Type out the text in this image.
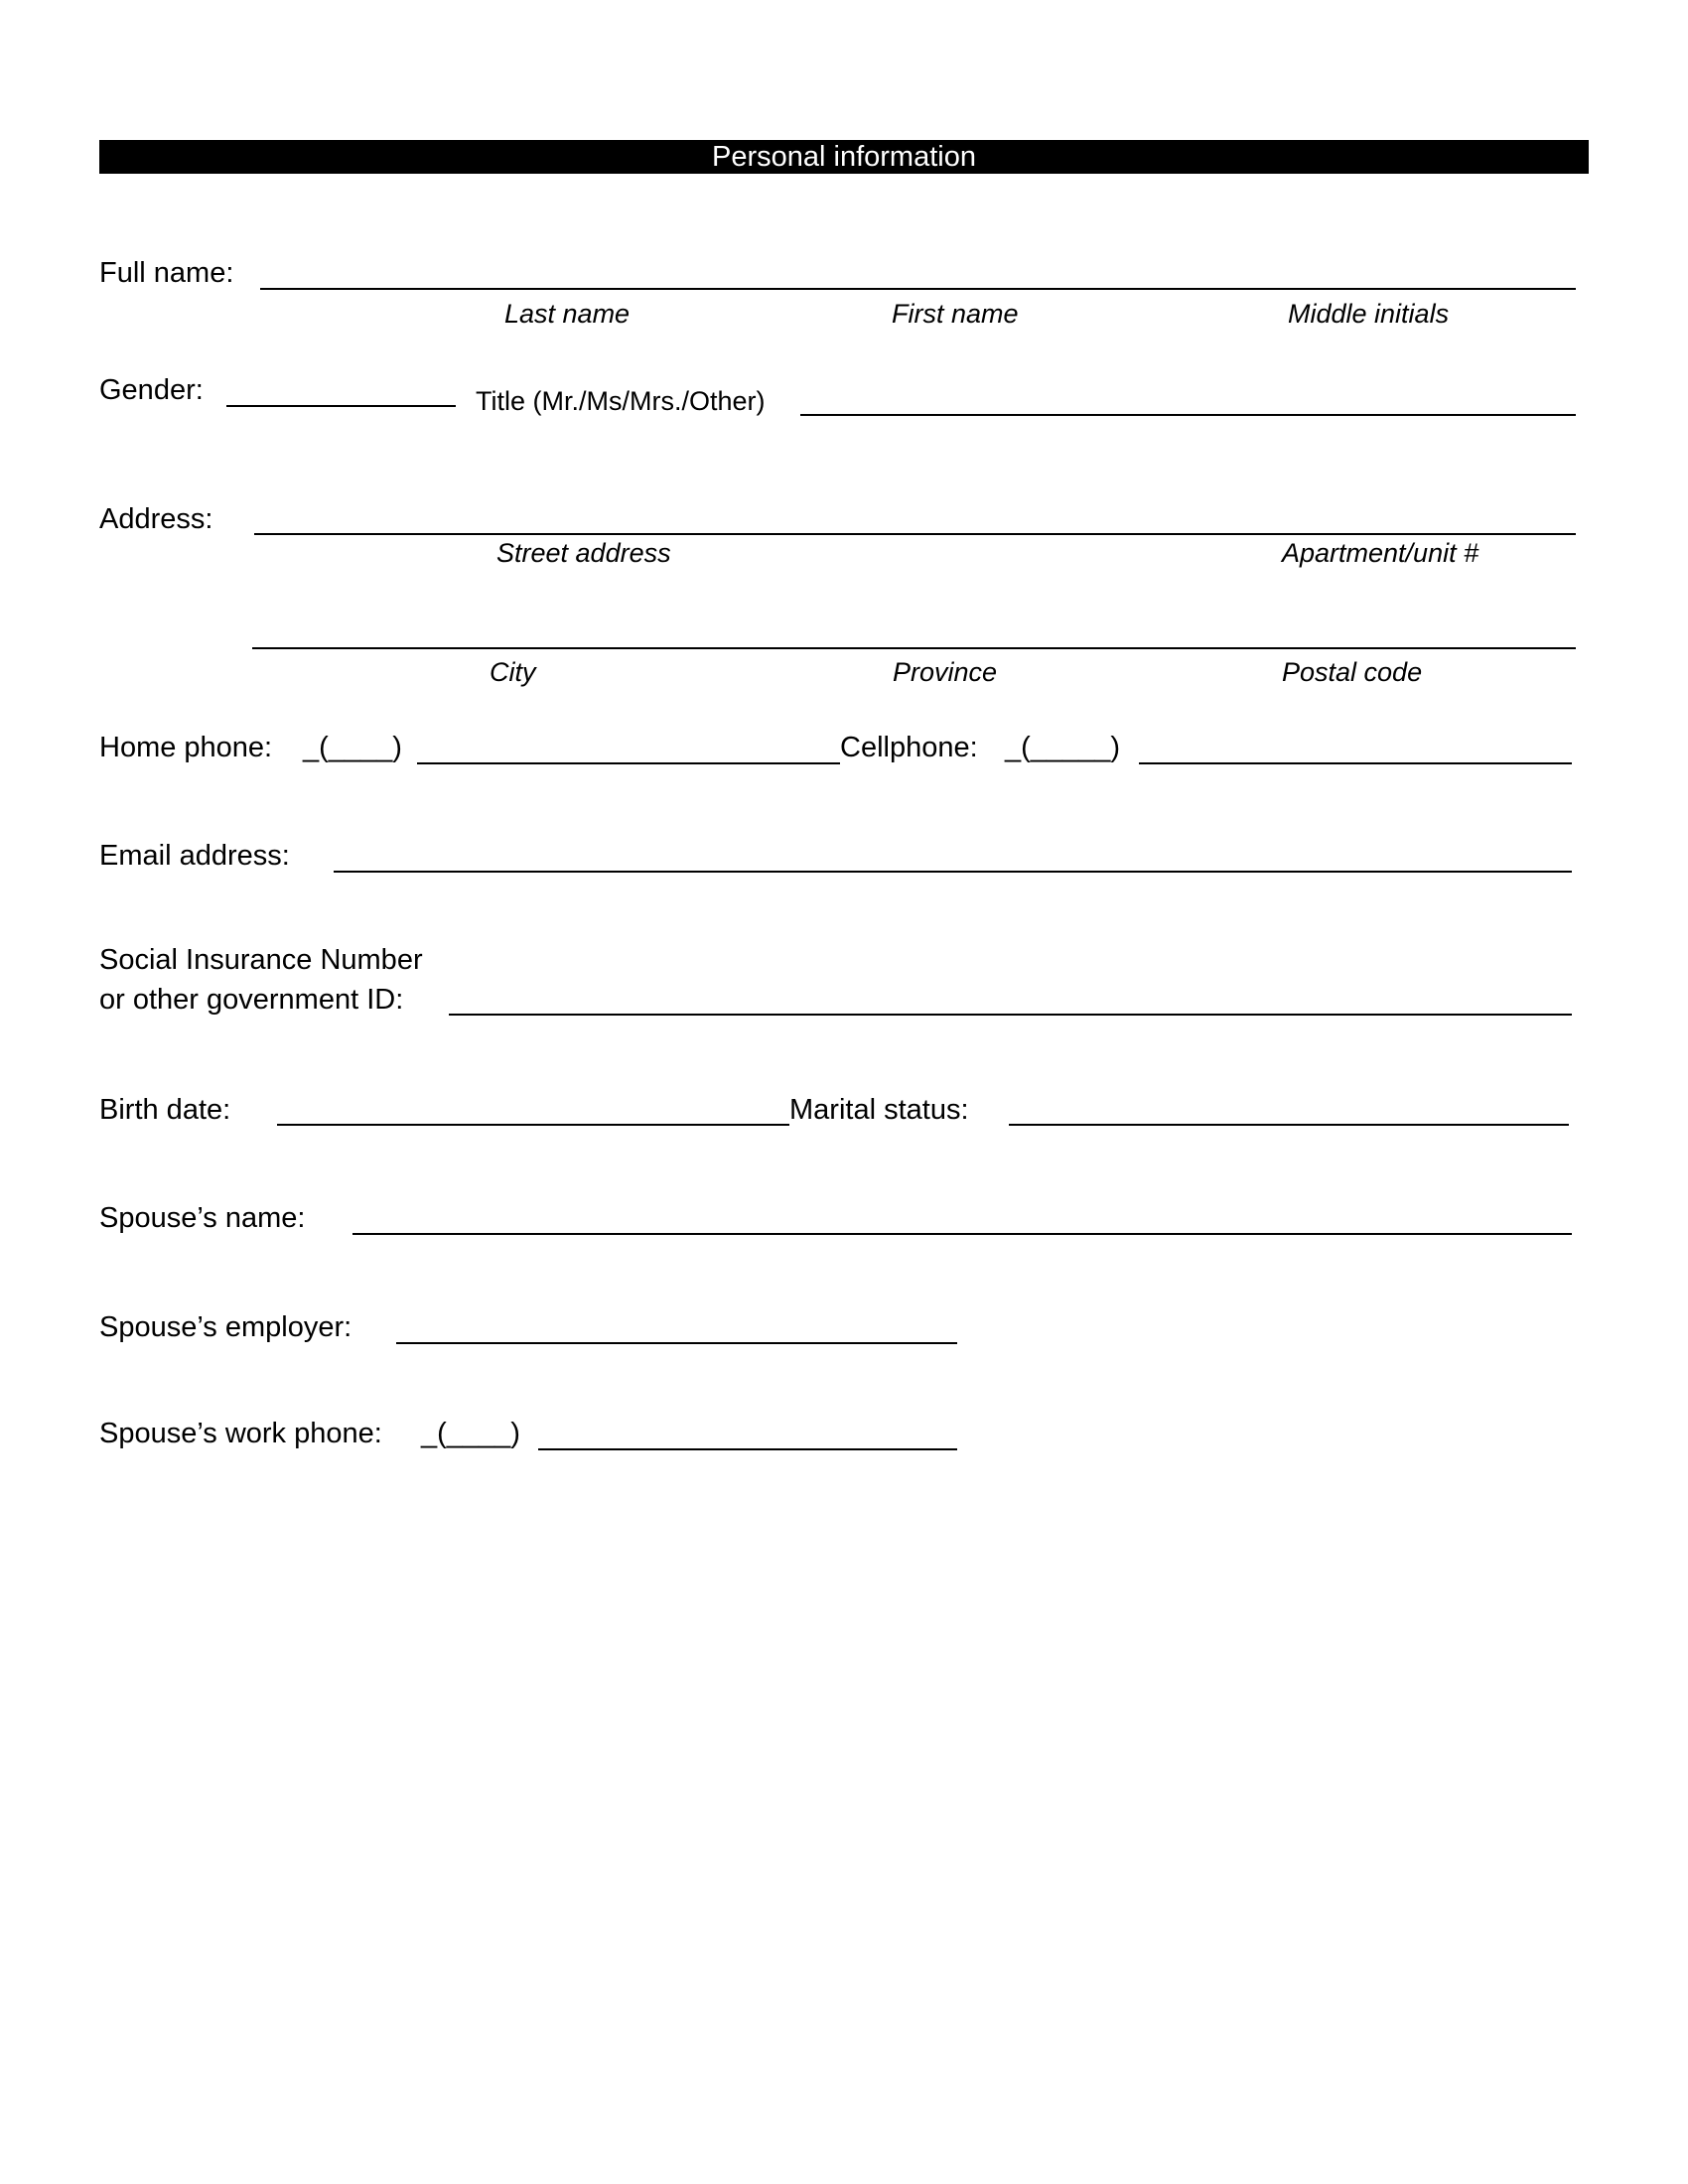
Personal information
Full name:
Last name	First name	Middle initials
Gender:	Title (Mr./Ms/Mrs./Other)
Address:
Street address	Apartment/unit #
City	Province	Postal code
Home phone: _(____)	Cellphone: _(_____)
Email address:
Social Insurance Number
or other government ID:
Birth date:	Marital status:
Spouse’s name:
Spouse’s employer:
Spouse’s work phone: _(____)
